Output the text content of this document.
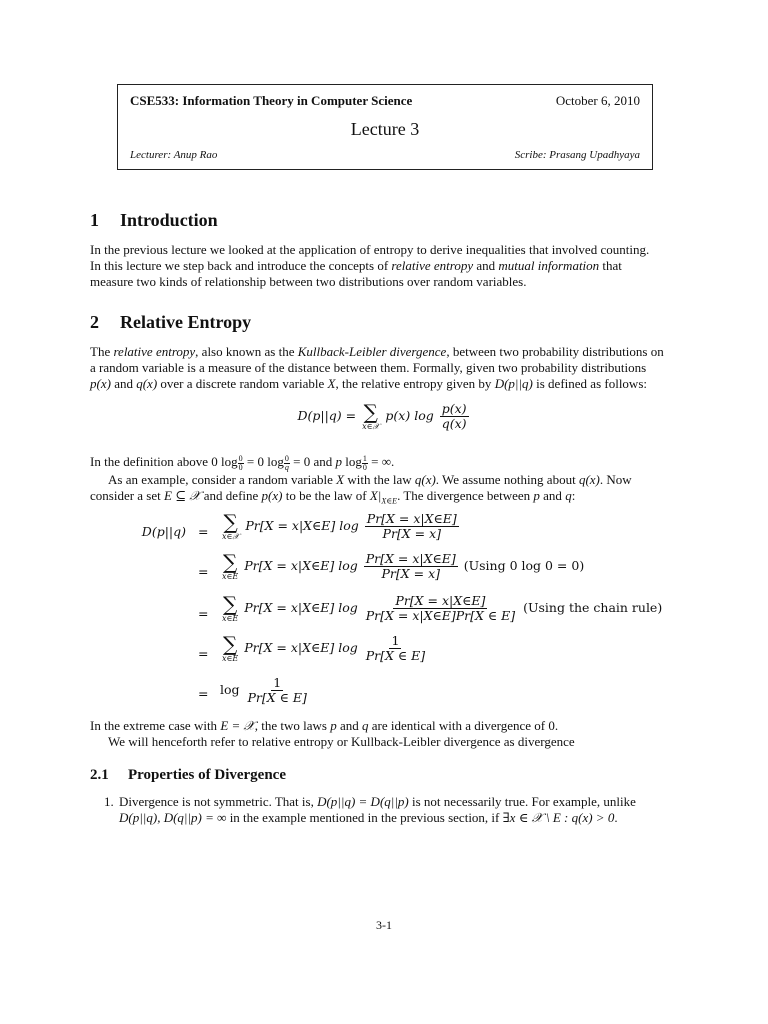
CSE533: Information Theory in Computer Science	October 6, 2010
Lecture 3
Lecturer: Anup Rao	Scribe: Prasang Upadhyaya
1 Introduction
In the previous lecture we looked at the application of entropy to derive inequalities that involved counting.
In this lecture we step back and introduce the concepts of relative entropy and mutual information that
measure two kinds of relationship between two distributions over random variables.
2 Relative Entropy
The relative entropy, also known as the Kullback-Leibler divergence, between two probability distributions on
a random variable is a measure of the distance between them. Formally, given two probability distributions
p(x) and q(x) over a discrete random variable X, the relative entropy given by D(p||q) is defined as follows:
D(p||q) = ∑
x∈𝒳
p(x) $\log \frac{p(x)}{q(x)}$
In the definition above 0 $\log \frac{0}{0} = 0$ $\log \frac{0}{q} = 0$ and p $\log \frac{1}{0}$ = ∞.
As an example, consider a random variable X with the law q(x). We assume nothing about q(x). Now
consider a set E ⊆ 𝒳 and define p(x) to be the law of $X|_{X\in E}$. The divergence between p and q:
D(p||q) = ∑
x∈𝒳
Pr[X = x|X∈E] $\log \frac{Pr[X = x|X\in E]}{Pr[X = x]}$
= ∑
x∈E
Pr[X = x|X∈E] $\log \frac{Pr[X = x|X\in E]}{Pr[X = x]} (Using$ 0 log 0 = 0)
= ∑
x∈E
Pr[X = x|X∈E] $\log \frac{Pr[X = x|X\in E]}{Pr[X = x|X\in E]Pr[X \in E]} (Using$ the chain rule)
= ∑
x∈E
Pr[X = x|X∈E] $\log \frac{1}{Pr[X \in E]}$
= $\log \frac{1}{Pr[X \in E]}$
In the extreme case with E = 𝒳, the two laws p and q are identical with a divergence of 0.
We will henceforth refer to relative entropy or Kullback-Leibler divergence as divergence
2.1 Properties of Divergence
1. Divergence is not symmetric. That is, D(p||q) = D(q||p) is not necessarily true. For example, unlike
D(p||q), D(q||p) = ∞ in the example mentioned in the previous section, if ∃x ∈ 𝒳 \ E : q(x) > 0.
3-1
